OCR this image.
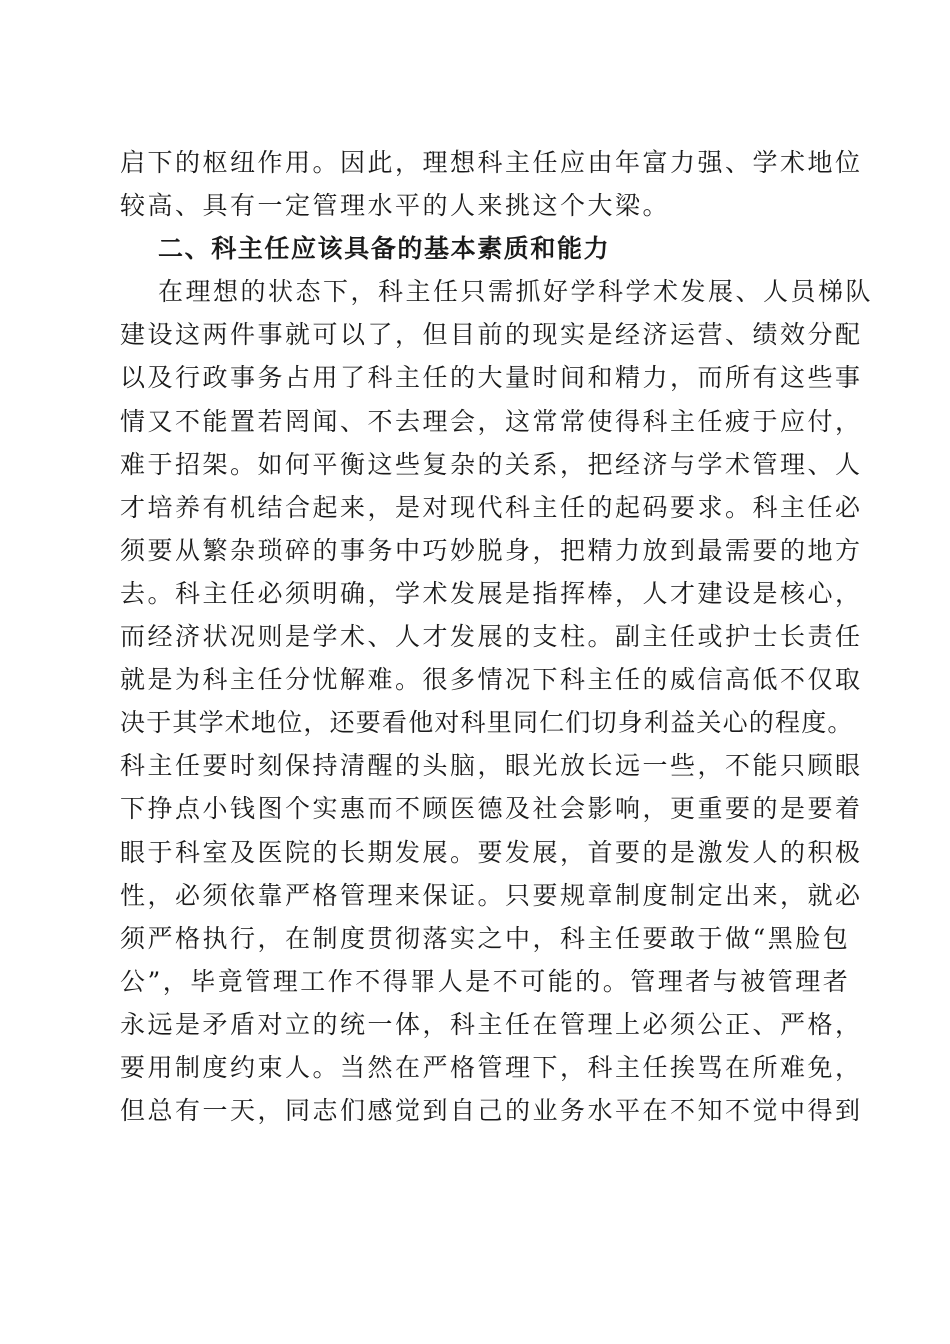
启下的枢纽作用。因此，理想科主任应由年富力强、学术地位
较高、具有一定管理水平的人来挑这个大梁。
二、科主任应该具备的基本素质和能力
在理想的状态下，科主任只需抓好学科学术发展、人员梯队
建设这两件事就可以了，但目前的现实是经济运营、绩效分配
以及行政事务占用了科主任的大量时间和精力，而所有这些事
情又不能置若罔闻、不去理会，这常常使得科主任疲于应付，
难于招架。如何平衡这些复杂的关系，把经济与学术管理、人
才培养有机结合起来，是对现代科主任的起码要求。科主任必
须要从繁杂琐碎的事务中巧妙脱身，把精力放到最需要的地方
去。科主任必须明确，学术发展是指挥棒，人才建设是核心，
而经济状况则是学术、人才发展的支柱。副主任或护士长责任
就是为科主任分忧解难。很多情况下科主任的威信高低不仅取
决于其学术地位，还要看他对科里同仁们切身利益关心的程度。
科主任要时刻保持清醒的头脑，眼光放长远一些，不能只顾眼
下挣点小钱图个实惠而不顾医德及社会影响，更重要的是要着
眼于科室及医院的长期发展。要发展，首要的是激发人的积极
性，必须依靠严格管理来保证。只要规章制度制定出来，就必
须严格执行，在制度贯彻落实之中，科主任要敢于做“黑脸包
公”，毕竟管理工作不得罪人是不可能的。管理者与被管理者
永远是矛盾对立的统一体，科主任在管理上必须公正、严格，
要用制度约束人。当然在严格管理下，科主任挨骂在所难免，
但总有一天，同志们感觉到自己的业务水平在不知不觉中得到
